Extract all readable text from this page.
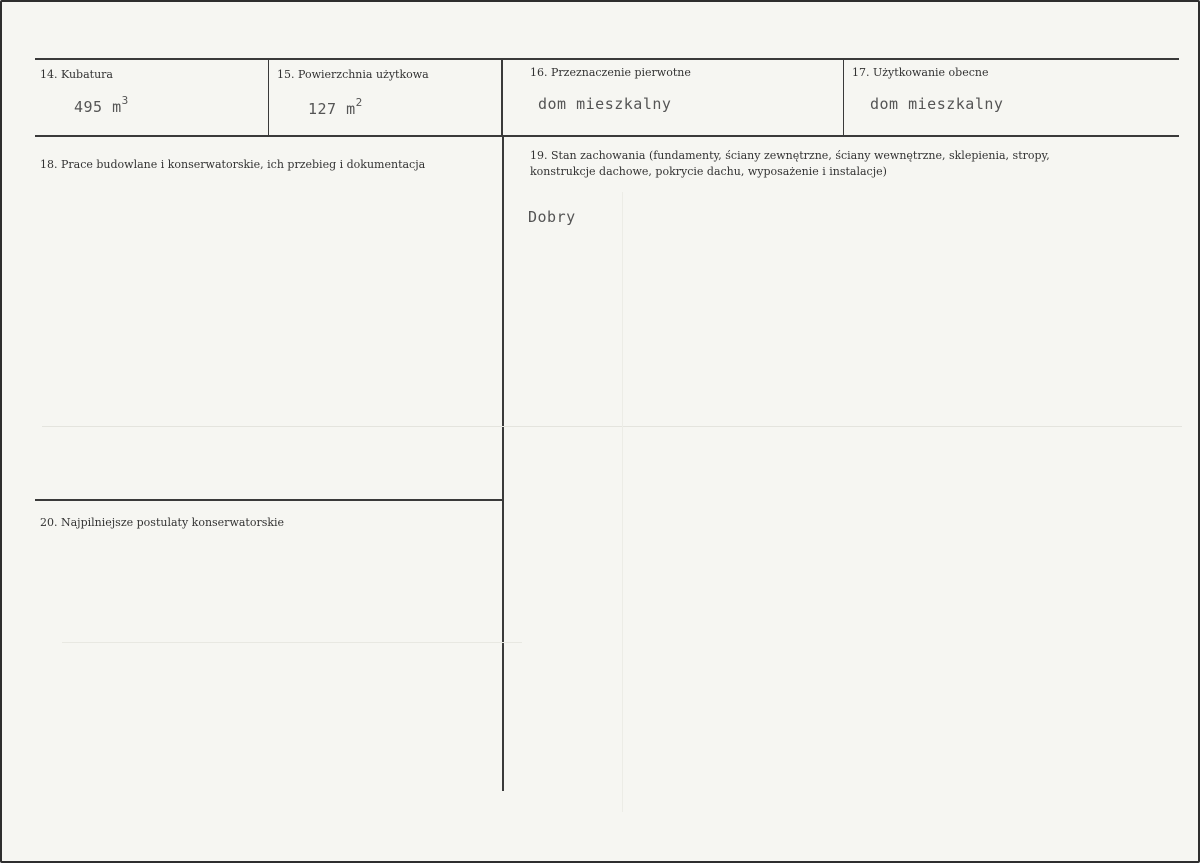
14. Kubatura
495 $m^3$
15. Powierzchnia użytkowa
127 $m^2$
16. Przeznaczenie pierwotne
dom mieszkalny
17. Użytkowanie obecne
dom mieszkalny
18. Prace budowlane i konserwatorskie, ich przebieg i dokumentacja
19. Stan zachowania (fundamenty, ściany zewnętrzne, ściany wewnętrzne, sklepienia, stropy, konstrukcje dachowe, pokrycie dachu, wyposażenie i instalacje)
Dobry
20. Najpilniejsze postulaty konserwatorskie
